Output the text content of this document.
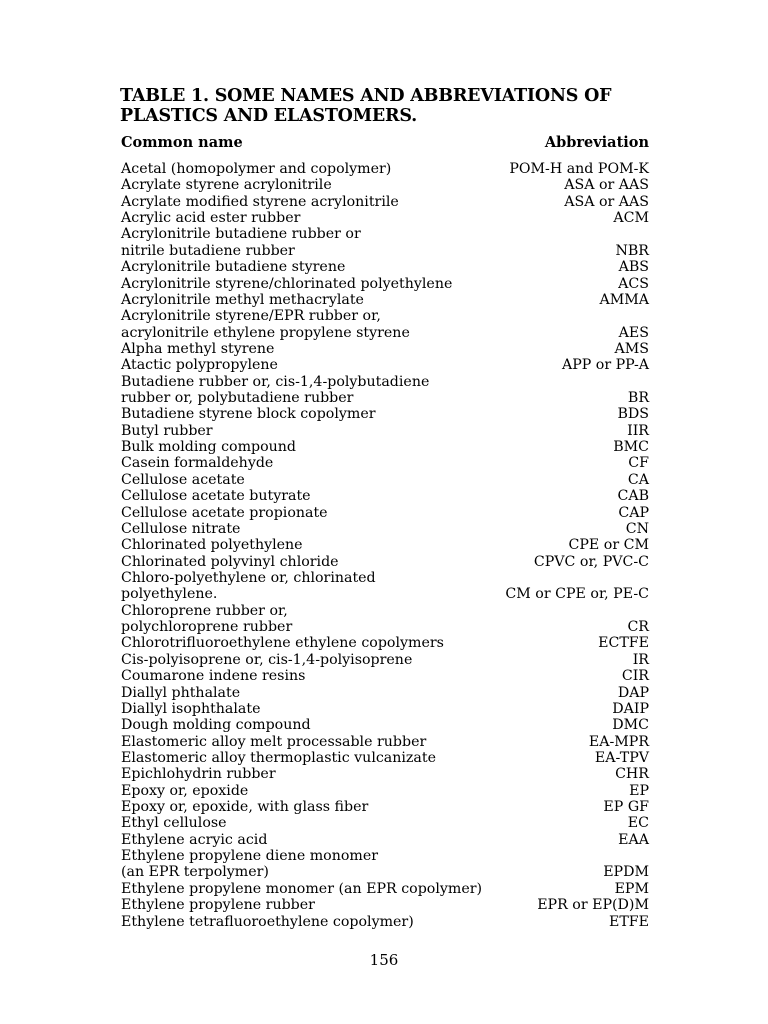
TABLE 1. SOME NAMES AND ABBREVIATIONS OF PLASTICS AND ELASTOMERS.
Common name	Abbreviation
Acetal (homopolymer and copolymer)	POM-H and POM-K
Acrylate styrene acrylonitrile	ASA or AAS
Acrylate modified styrene acrylonitrile	ASA or AAS
Acrylic acid ester rubber	ACM
Acrylonitrile butadiene rubber or
nitrile butadiene rubber	NBR
Acrylonitrile butadiene styrene	ABS
Acrylonitrile styrene/chlorinated polyethylene	ACS
Acrylonitrile methyl methacrylate	AMMA
Acrylonitrile styrene/EPR rubber or,
acrylonitrile ethylene propylene styrene	AES
Alpha methyl styrene	AMS
Atactic polypropylene	APP or PP-A
Butadiene rubber or, cis-1,4-polybutadiene
rubber or, polybutadiene rubber	BR
Butadiene styrene block copolymer	BDS
Butyl rubber	IIR
Bulk molding compound	BMC
Casein formaldehyde	CF
Cellulose acetate	CA
Cellulose acetate butyrate	CAB
Cellulose acetate propionate	CAP
Cellulose nitrate	CN
Chlorinated polyethylene	CPE or CM
Chlorinated polyvinyl chloride	CPVC or, PVC-C
Chloro-polyethylene or, chlorinated
polyethylene.	CM or CPE or, PE-C
Chloroprene rubber or,
polychloroprene rubber	CR
Chlorotrifluoroethylene ethylene copolymers	ECTFE
Cis-polyisoprene or, cis-1,4-polyisoprene	IR
Coumarone indene resins	CIR
Diallyl phthalate	DAP
Diallyl isophthalate	DAIP
Dough molding compound	DMC
Elastomeric alloy melt processable rubber	EA-MPR
Elastomeric alloy thermoplastic vulcanizate	EA-TPV
Epichlohydrin rubber	CHR
Epoxy or, epoxide	EP
Epoxy or, epoxide, with glass fiber	EP GF
Ethyl cellulose	EC
Ethylene acryic acid	EAA
Ethylene propylene diene monomer
(an EPR terpolymer)	EPDM
Ethylene propylene monomer (an EPR copolymer)	EPM
Ethylene propylene rubber	EPR or EP(D)M
Ethylene tetrafluoroethylene copolymer)	ETFE
156
